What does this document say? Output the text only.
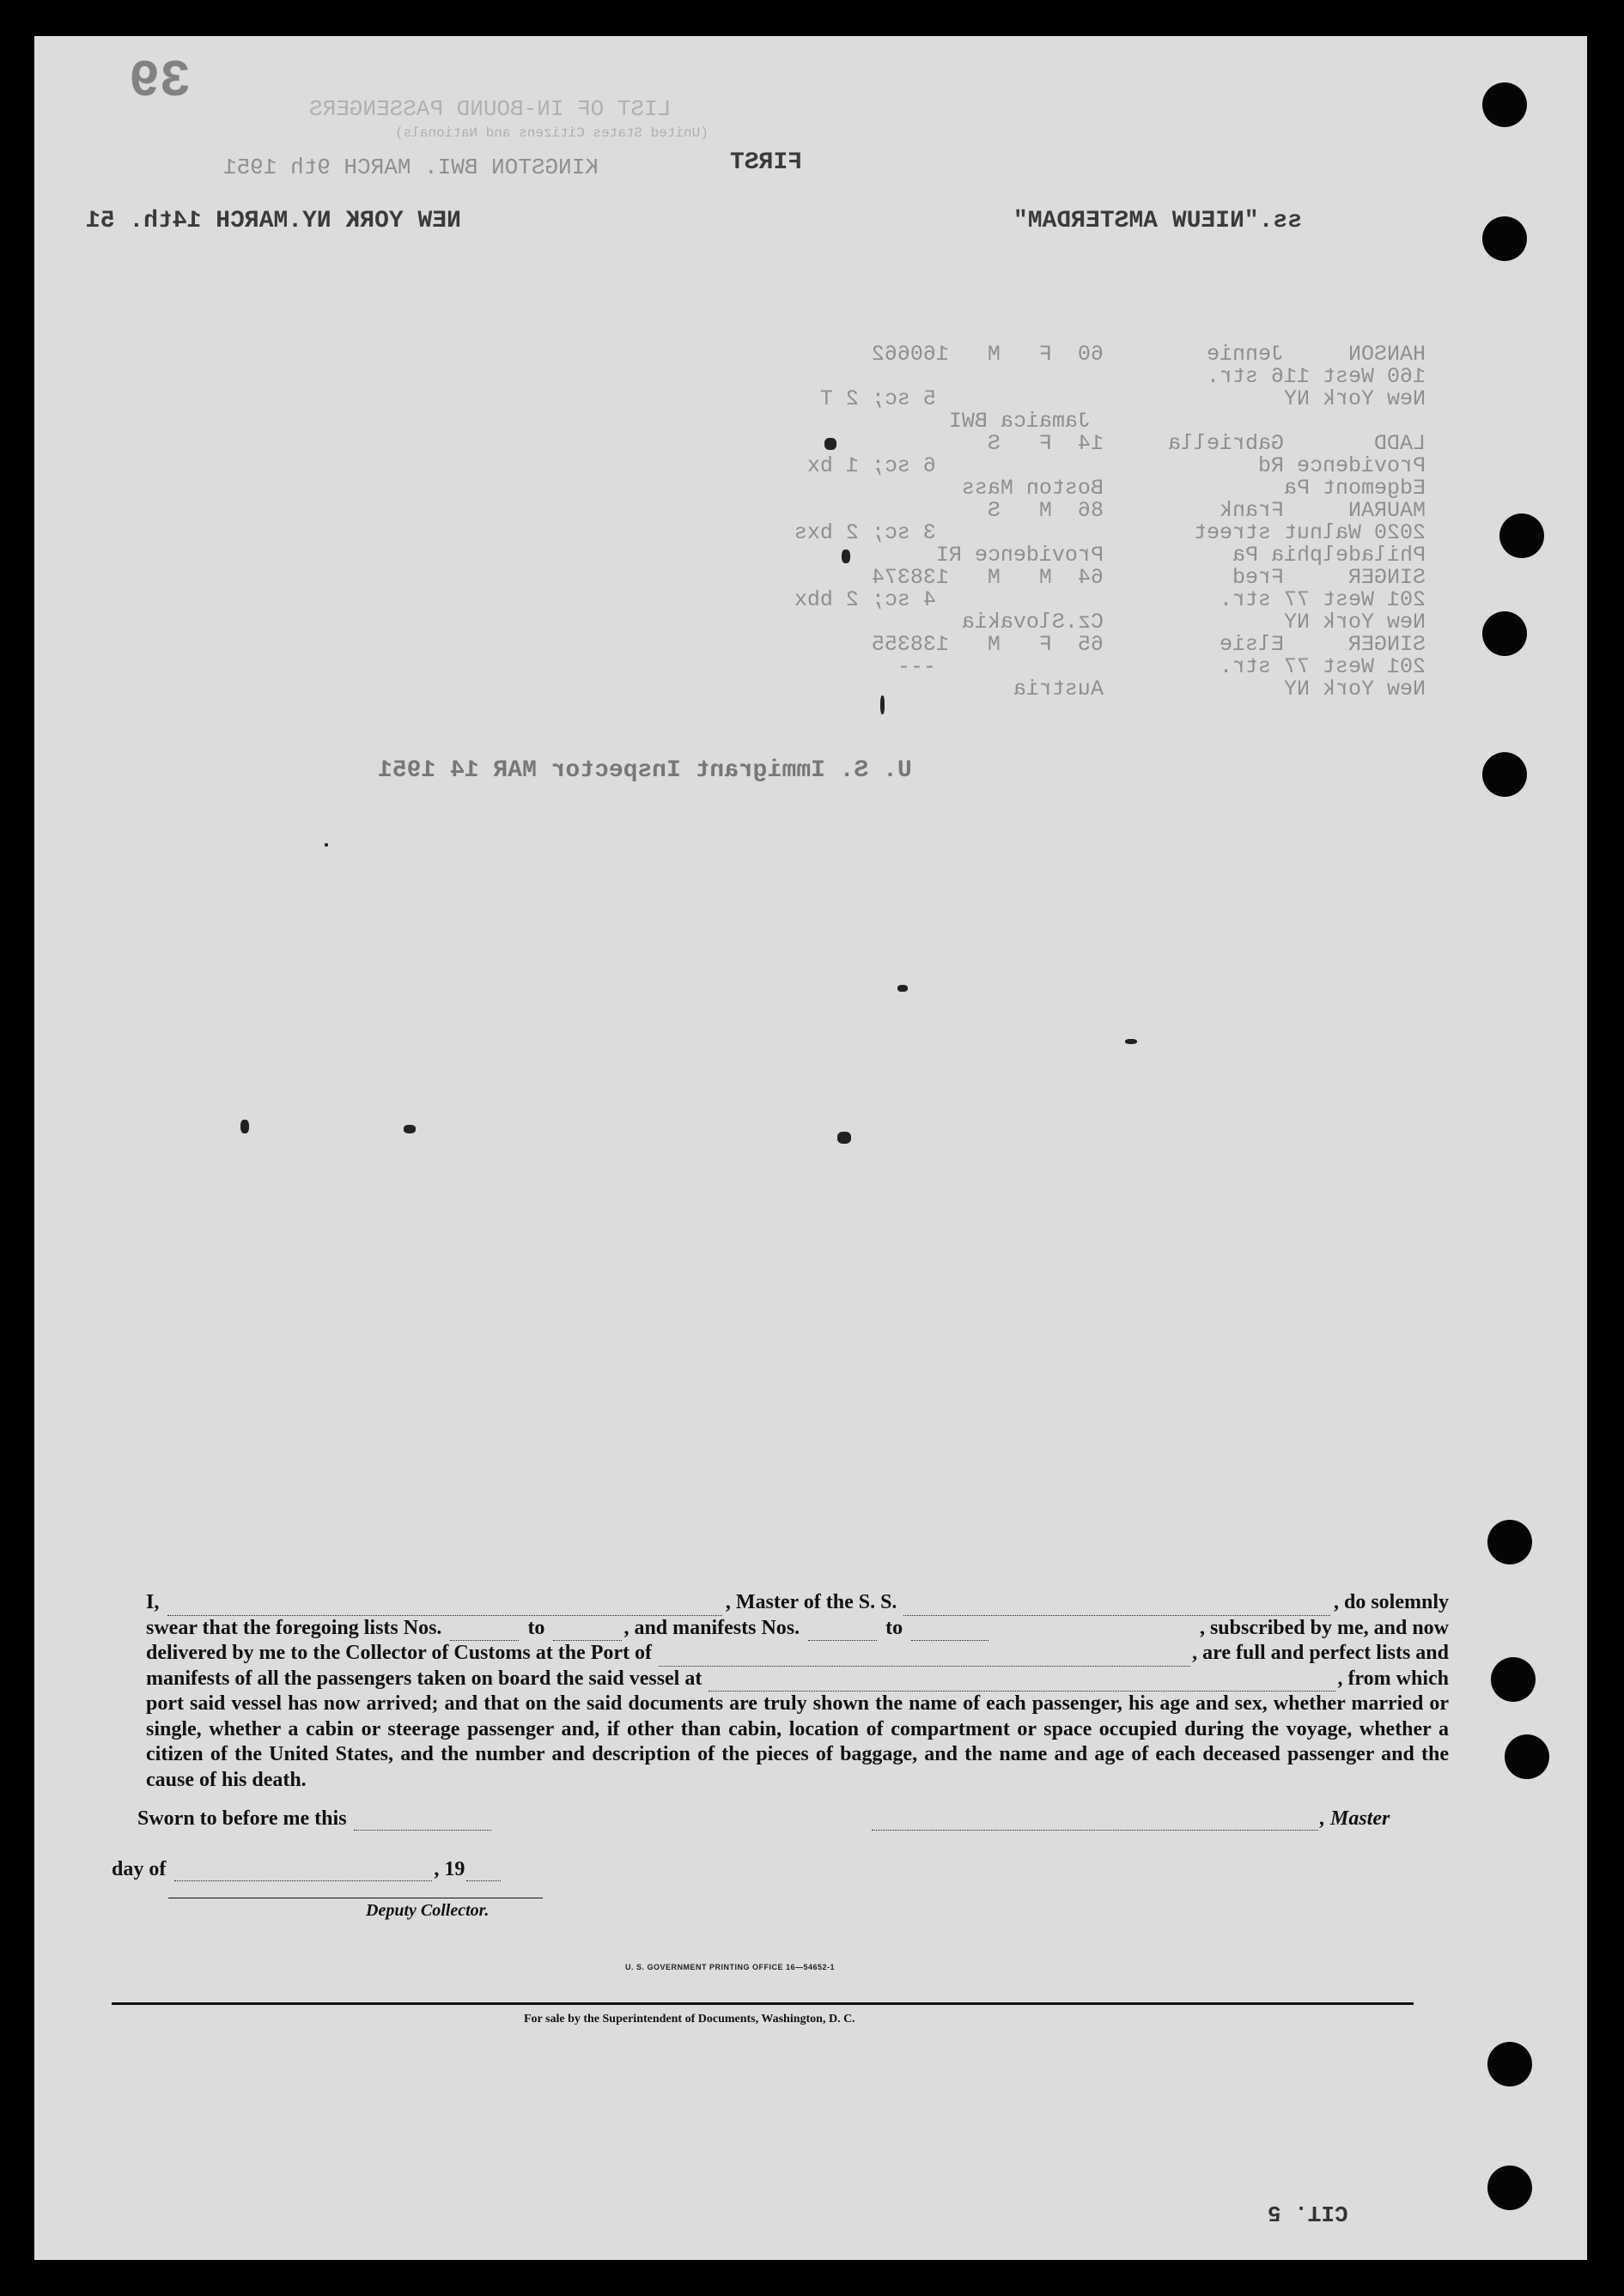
39	LIST OF IN-BOUND PASSENGERS
(United States Citizens and Nationals)
KINGSTON BWI. MARCH 9th 1951	FIRST
NEW YORK NY.MARCH 14th. 51	ss."NIEUW AMSTERDAM"
HANSON     Jennie        60  F   M   160662
160 West 116 str.
New York NY                           5 sc; 2 T
Jamaica BWI
LADD       Gabriella     14  F   S
Providence Rd                         6 sc; 1 bx
Edgemont Pa              Boston Mass
MAURAN     Frank         86  M   S
2020 Walnut street                    3 sc; 2 bxs
Philadelphia Pa          Providence RI
SINGER     Fred          64  M   M   138374
201 West 77 str.                      4 sc; 2 bbx
New York NY              Cz.Slovakia
SINGER     Elsie         65  F   M   138355
201 West 77 str.                      ---
New York NY              Austria
U. S. Immigrant Inspector MAR 14 1951

I,	, Master of the S. S.	, do solemnly

swear that the foregoing lists Nos.	to	, and manifests Nos.	to	, subscribed by me, and now

delivered by me to the Collector of Customs at the Port of	, are full and perfect lists and

manifests of all the passengers taken on board the said vessel at	, from which

port said vessel has now arrived; and that on the said documents are truly shown the name of each passenger, his age and sex, whether married or single, whether a cabin or steerage passenger and, if other than cabin, location of compartment or space occupied during the voyage, whether a citizen of the United States, and the number and description of the pieces of baggage, and the name and age of each deceased passenger and the cause of his death.

Sworn to before me this	, Master
day of	, 19
Deputy Collector.
U. S. GOVERNMENT PRINTING OFFICE 16—54652-1
For sale by the Superintendent of Documents, Washington, D. C.
CIT. 5
